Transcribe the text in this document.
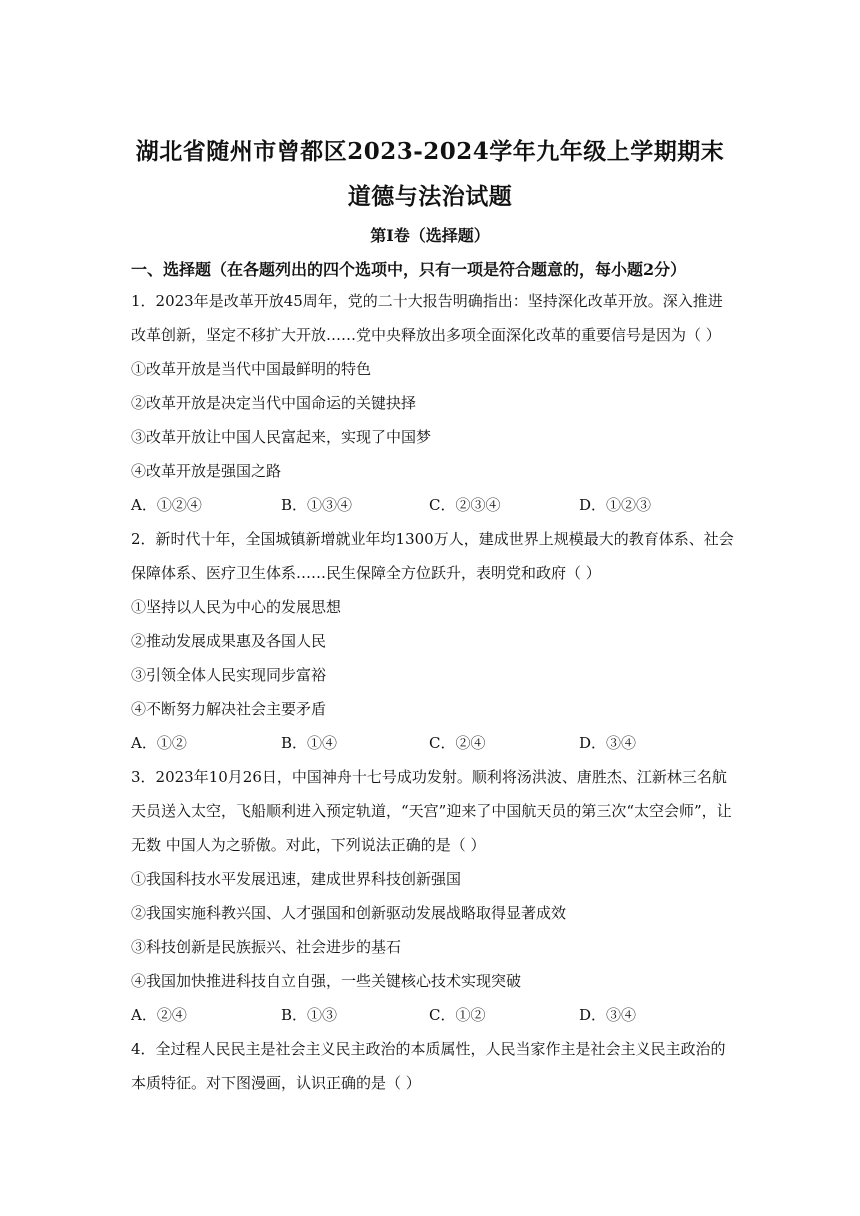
湖北省随州市曾都区2023-2024学年九年级上学期期末
道德与法治试题
第I卷（选择题）
一、选择题（在各题列出的四个选项中，只有一项是符合题意的，每小题2分）
1．2023年是改革开放45周年，党的二十大报告明确指出：坚持深化改革开放。深入推进
改革创新，坚定不移扩大开放……党中央释放出多项全面深化改革的重要信号是因为（ ）
①改革开放是当代中国最鲜明的特色
②改革开放是决定当代中国命运的关键抉择
③改革开放让中国人民富起来，实现了中国梦
④改革开放是强国之路
A．①②④	B．①③④	C．②③④	D．①②③
2．新时代十年，全国城镇新增就业年均1300万人，建成世界上规模最大的教育体系、社会
保障体系、医疗卫生体系……民生保障全方位跃升，表明党和政府（ ）
①坚持以人民为中心的发展思想
②推动发展成果惠及各国人民
③引领全体人民实现同步富裕
④不断努力解决社会主要矛盾
A．①②	B．①④	C．②④	D．③④
3．2023年10月26日，中国神舟十七号成功发射。顺利将汤洪波、唐胜杰、江新林三名航
天员送入太空，飞船顺利进入预定轨道，“天宫”迎来了中国航天员的第三次“太空会师”，让
无数 中国人为之骄傲。对此，下列说法正确的是（ ）
①我国科技水平发展迅速，建成世界科技创新强国
②我国实施科教兴国、人才强国和创新驱动发展战略取得显著成效
③科技创新是民族振兴、社会进步的基石
④我国加快推进科技自立自强，一些关键核心技术实现突破
A．②④	B．①③	C．①②	D．③④
4．全过程人民民主是社会主义民主政治的本质属性，人民当家作主是社会主义民主政治的
本质特征。对下图漫画，认识正确的是（ ）
